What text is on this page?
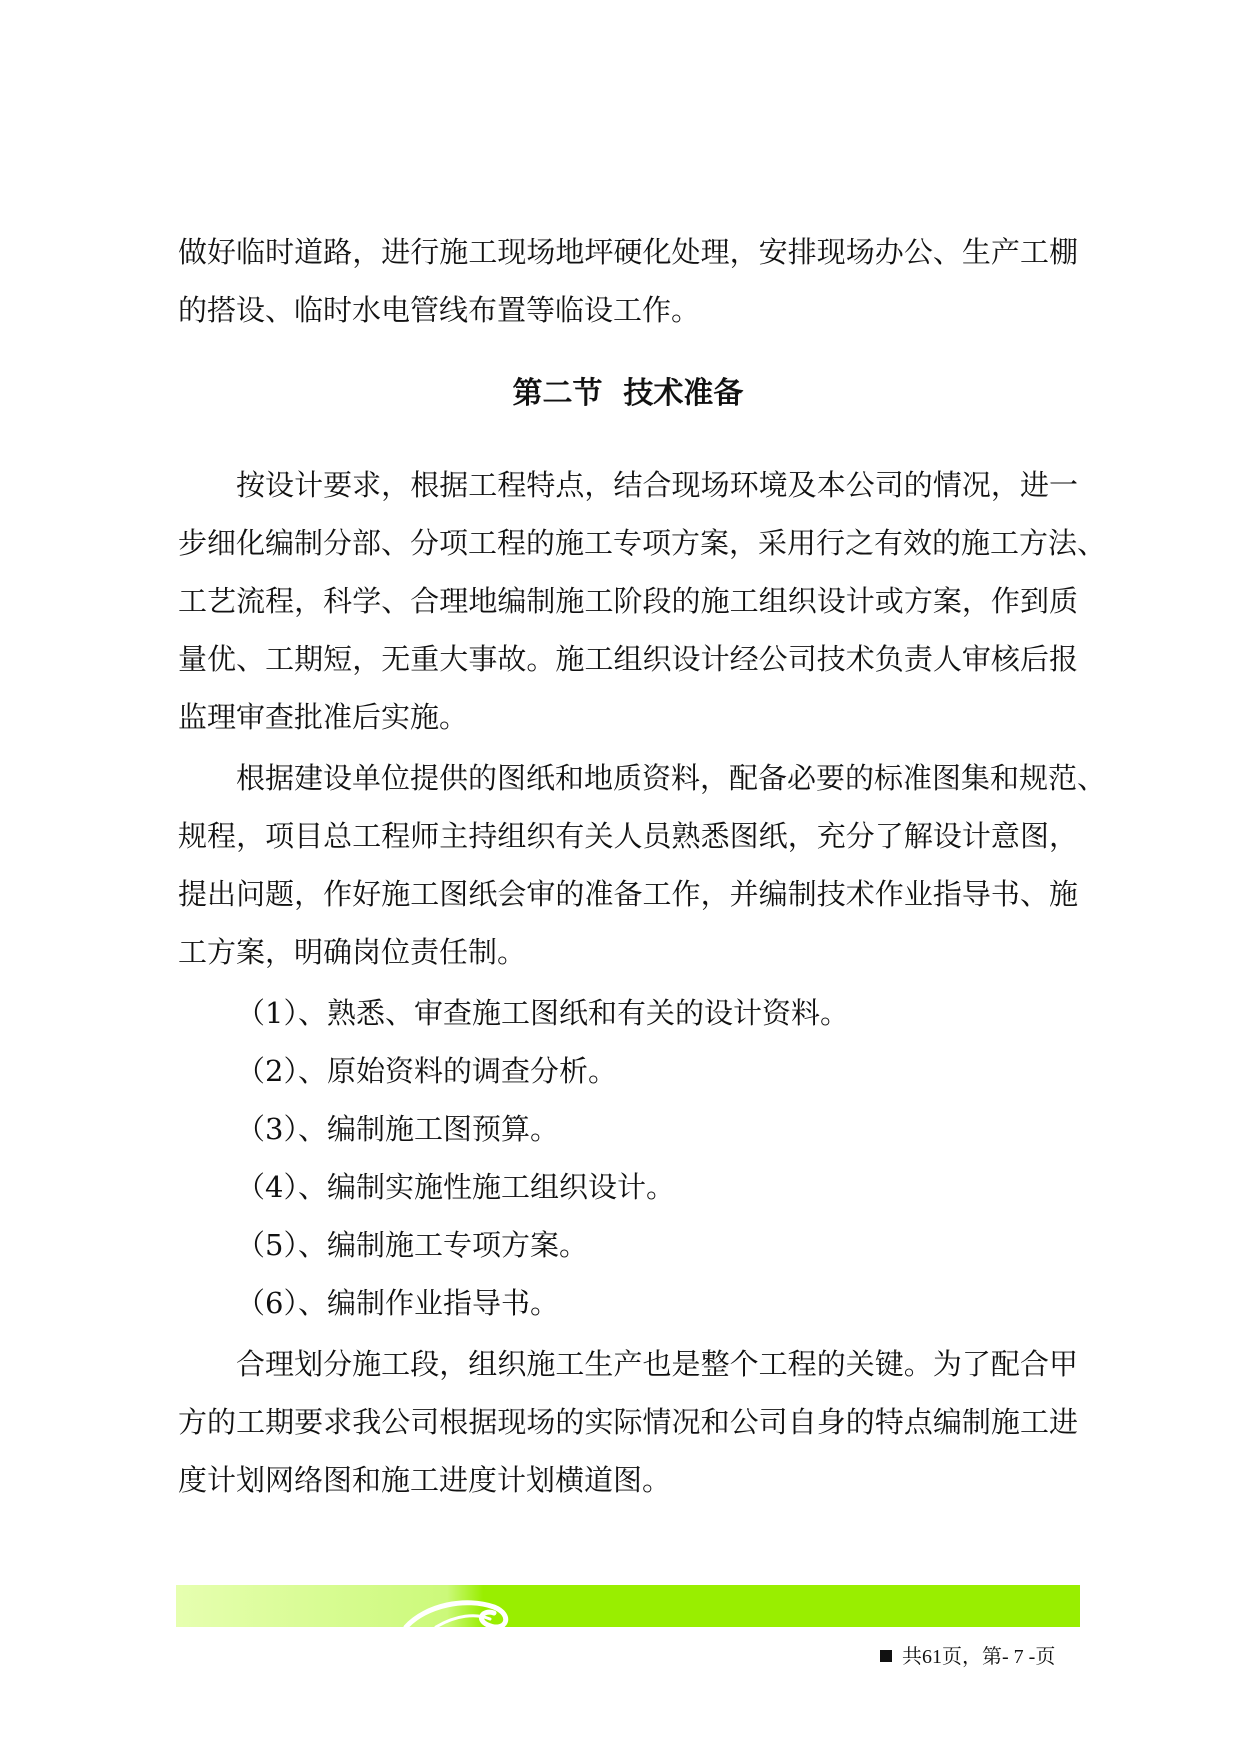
做好临时道路，进行施工现场地坪硬化处理，安排现场办公、生产工棚
的搭设、临时水电管线布置等临设工作。
第二节  技术准备
按设计要求，根据工程特点，结合现场环境及本公司的情况，进一
步细化编制分部、分项工程的施工专项方案，采用行之有效的施工方法、
工艺流程，科学、合理地编制施工阶段的施工组织设计或方案，作到质
量优、工期短，无重大事故。施工组织设计经公司技术负责人审核后报
监理审查批准后实施。
根据建设单位提供的图纸和地质资料，配备必要的标准图集和规范、
规程，项目总工程师主持组织有关人员熟悉图纸，充分了解设计意图，
提出问题，作好施工图纸会审的准备工作，并编制技术作业指导书、施
工方案，明确岗位责任制。
（1）、熟悉、审查施工图纸和有关的设计资料。
（2）、原始资料的调查分析。
（3）、编制施工图预算。
（4）、编制实施性施工组织设计。
（5）、编制施工专项方案。
（6）、编制作业指导书。
合理划分施工段，组织施工生产也是整个工程的关键。为了配合甲
方的工期要求我公司根据现场的实际情况和公司自身的特点编制施工进
度计划网络图和施工进度计划横道图。
共61页，第- 7 -页
